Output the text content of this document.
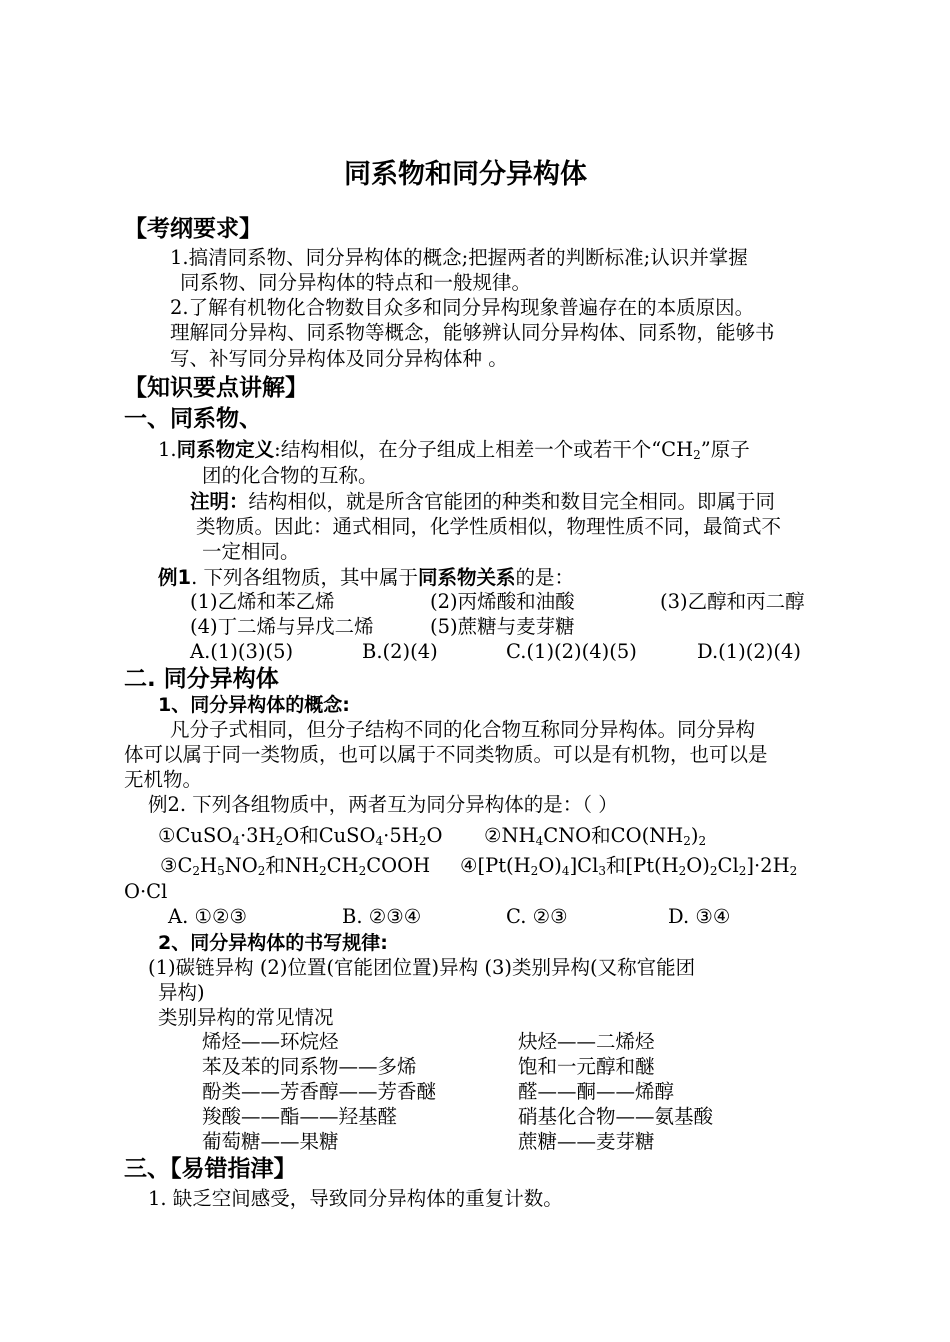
同系物和同分异构体
【考纲要求】
1.搞清同系物、同分异构体的概念;把握两者的判断标准;认识并掌握
同系物、同分异构体的特点和一般规律。
2.了解有机物化合物数目众多和同分异构现象普遍存在的本质原因。
理解同分异构、同系物等概念，能够辨认同分异构体、同系物，能够书
写、补写同分异构体及同分异构体种 。
【知识要点讲解】
一、同系物、
1.同系物定义:结构相似，在分子组成上相差一个或若干个“$CH_2$”原子
团的化合物的互称。
注明：结构相似，就是所含官能团的种类和数目完全相同。即属于同
类物质。因此：通式相同，化学性质相似，物理性质不同，最简式不
一定相同。
例1. 下列各组物质，其中属于同系物关系的是：
(1)乙烯和苯乙烯	(2)丙烯酸和油酸	(3)乙醇和丙二醇
(4)丁二烯与异戊二烯	(5)蔗糖与麦芽糖
A.(1)(3)(5)	B.(2)(4)	C.(1)(2)(4)(5)	D.(1)(2)(4)
二. 同分异构体
1、同分异构体的概念:
凡分子式相同，但分子结构不同的化合物互称同分异构体。同分异构
体可以属于同一类物质，也可以属于不同类物质。可以是有机物，也可以是
无机物。
例2. 下列各组物质中，两者互为同分异构体的是：（ ）
$①CuSO_4\cdot 3H_2O$和$CuSO_4\cdot 5H_2O$ $②NH_4CNO$和$CO(NH_2)_2$
$③C_2H_5NO_2$和$NH_2CH_2COOH$ $④[Pt(H_2O)_4]Cl_3$和$[Pt(H_2O)_2Cl_2]\cdot 2H_2$
O·Cl
A. ①②③	B. ②③④	C. ②③	D. ③④
2、同分异构体的书写规律:
(1)碳链异构 (2)位置(官能团位置)异构 (3)类别异构(又称官能团
异构)
类别异构的常见情况
烯烃——环烷烃	炔烃——二烯烃
苯及苯的同系物——多烯	饱和一元醇和醚
酚类——芳香醇——芳香醚	醛——酮——烯醇
羧酸——酯——羟基醛	硝基化合物——氨基酸
葡萄糖——果糖	蔗糖——麦芽糖
三、【易错指津】
1. 缺乏空间感受，导致同分异构体的重复计数。
